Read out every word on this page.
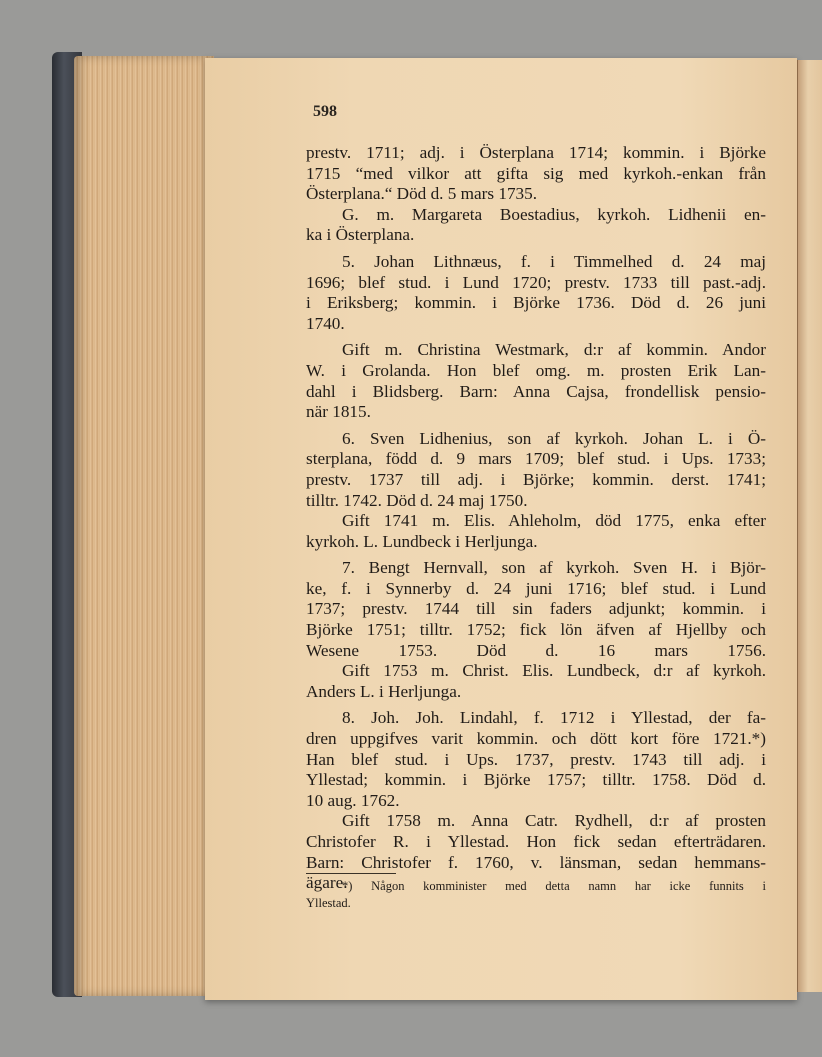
598
prestv. 1711; adj. i Österplana 1714; kommin. i Björke
1715 “med vilkor att gifta sig med kyrkoh.-enkan från
Österplana.“ Död d. 5 mars 1735.
G. m. Margareta Boestadius, kyrkoh. Lidhenii en-
ka i Österplana.
5. Johan Lithnæus, f. i Timmelhed d. 24 maj
1696; blef stud. i Lund 1720; prestv. 1733 till past.-adj.
i Eriksberg; kommin. i Björke 1736. Död d. 26 juni
1740.
Gift m. Christina Westmark, d:r af kommin. Andor
W. i Grolanda. Hon blef omg. m. prosten Erik Lan-
dahl i Blidsberg. Barn: Anna Cajsa, frondellisk pensio-
när 1815.
6. Sven Lidhenius, son af kyrkoh. Johan L. i Ö-
sterplana, född d. 9 mars 1709; blef stud. i Ups. 1733;
prestv. 1737 till adj. i Björke; kommin. derst. 1741;
tilltr. 1742. Död d. 24 maj 1750.
Gift 1741 m. Elis. Ahleholm, död 1775, enka efter
kyrkoh. L. Lundbeck i Herljunga.
7. Bengt Hernvall, son af kyrkoh. Sven H. i Björ-
ke, f. i Synnerby d. 24 juni 1716; blef stud. i Lund
1737; prestv. 1744 till sin faders adjunkt; kommin. i
Björke 1751; tilltr. 1752; fick lön äfven af Hjellby och
Wesene 1753. Död d. 16 mars 1756.
Gift 1753 m. Christ. Elis. Lundbeck, d:r af kyrkoh.
Anders L. i Herljunga.
8. Joh. Joh. Lindahl, f. 1712 i Yllestad, der fa-
dren uppgifves varit kommin. och dött kort före 1721.*)
Han blef stud. i Ups. 1737, prestv. 1743 till adj. i
Yllestad; kommin. i Björke 1757; tilltr. 1758. Död d.
10 aug. 1762.
Gift 1758 m. Anna Catr. Rydhell, d:r af prosten
Christofer R. i Yllestad. Hon fick sedan efterträdaren.
Barn: Christofer f. 1760, v. länsman, sedan hemmans-
ägare.
*) Någon komminister med detta namn har icke funnits i
Yllestad.
